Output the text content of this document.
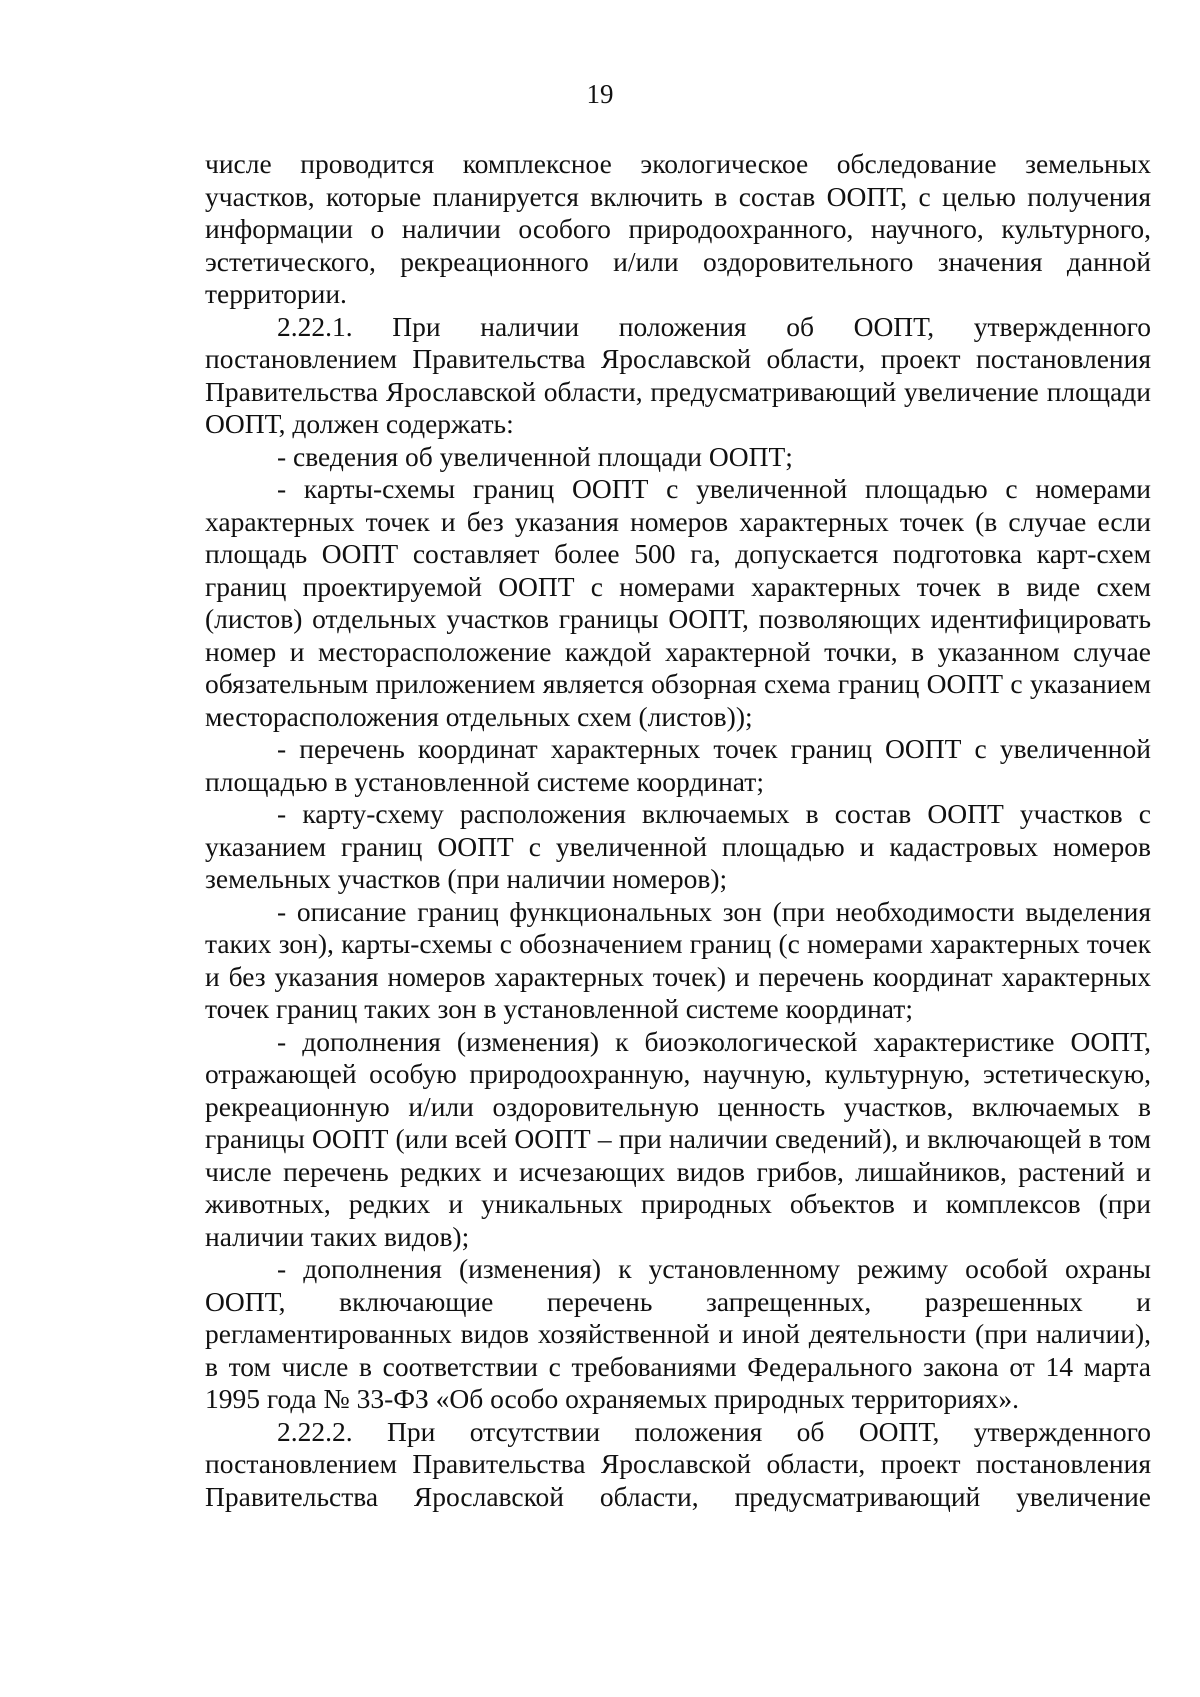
19

числе проводится комплексное экологическое обследование земельных участков, которые планируется включить в состав ООПТ, с целью получения информации о наличии особого природоохранного, научного, культурного, эстетического, рекреационного и/или оздоровительного значения данной территории.

2.22.1. При наличии положения об ООПТ, утвержденного постановлением Правительства Ярославской области, проект постановления Правительства Ярославской области, предусматривающий увеличение площади ООПТ, должен содержать:

- сведения об увеличенной площади ООПТ;

- карты-схемы границ ООПТ с увеличенной площадью с номерами характерных точек и без указания номеров характерных точек (в случае если площадь ООПТ составляет более 500 га, допускается подготовка карт-схем границ проектируемой ООПТ с номерами характерных точек в виде схем (листов) отдельных участков границы ООПТ, позволяющих идентифицировать номер и месторасположение каждой характерной точки, в указанном случае обязательным приложением является обзорная схема границ ООПТ с указанием месторасположения отдельных схем (листов));

- перечень координат характерных точек границ ООПТ с увеличенной площадью в установленной системе координат;

- карту-схему расположения включаемых в состав ООПТ участков с указанием границ ООПТ с увеличенной площадью и кадастровых номеров земельных участков (при наличии номеров);

- описание границ функциональных зон (при необходимости выделения таких зон), карты-схемы с обозначением границ (с номерами характерных точек и без указания номеров характерных точек) и перечень координат характерных точек границ таких зон в установленной системе координат;

- дополнения (изменения) к биоэкологической характеристике ООПТ, отражающей особую природоохранную, научную, культурную, эстетическую, рекреационную и/или оздоровительную ценность участков, включаемых в границы ООПТ (или всей ООПТ – при наличии сведений), и включающей в том числе перечень редких и исчезающих видов грибов, лишайников, растений и животных, редких и уникальных природных объектов и комплексов (при наличии таких видов);

- дополнения (изменения) к установленному режиму особой охраны ООПТ, включающие перечень запрещенных, разрешенных и регламентированных видов хозяйственной и иной деятельности (при наличии), в том числе в соответствии с требованиями Федерального закона от 14 марта 1995 года № 33-ФЗ «Об особо охраняемых природных территориях».

2.22.2. При отсутствии положения об ООПТ, утвержденного постановлением Правительства Ярославской области, проект постановления Правительства Ярославской области, предусматривающий увеличение
